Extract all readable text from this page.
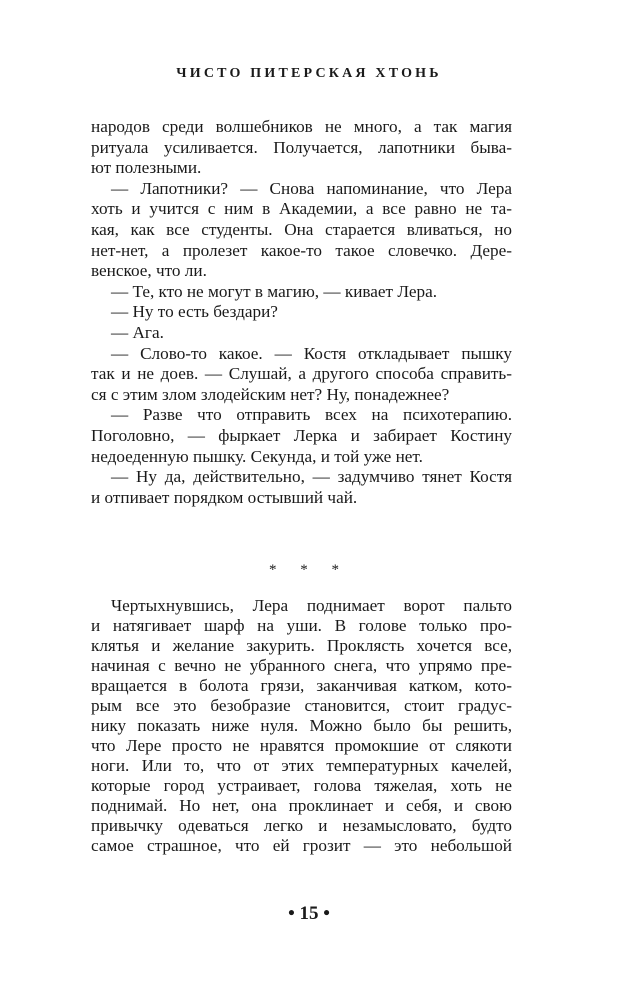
ЧИСТО ПИТЕРСКАЯ ХТОНЬ
народов среди волшебников не много, а так магия
ритуала усиливается. Получается, лапотники быва-
ют полезными.
— Лапотники? — Снова напоминание, что Лера
хоть и учится с ним в Академии, а все равно не та-
кая, как все студенты. Она старается вливаться, но
нет-нет, а пролезет какое-то такое словечко. Дере-
венское, что ли.
— Те, кто не могут в магию, — кивает Лера.
— Ну то есть бездари?
— Ага.
— Слово-то какое. — Костя откладывает пышку
так и не доев. — Слушай, а другого способа справить-
ся с этим злом злодейским нет? Ну, понадежнее?
— Разве что отправить всех на психотерапию.
Поголовно, — фыркает Лерка и забирает Костину
недоеденную пышку. Секунда, и той уже нет.
— Ну да, действительно, — задумчиво тянет Костя
и отпивает порядком остывший чай.
* * *
Чертыхнувшись, Лера поднимает ворот пальто
и натягивает шарф на уши. В голове только про-
клятья и желание закурить. Проклясть хочется все,
начиная с вечно не убранного снега, что упрямо пре-
вращается в болота грязи, заканчивая катком, кото-
рым все это безобразие становится, стоит градус-
нику показать ниже нуля. Можно было бы решить,
что Лере просто не нравятся промокшие от слякоти
ноги. Или то, что от этих температурных качелей,
которые город устраивает, голова тяжелая, хоть не
поднимай. Но нет, она проклинает и себя, и свою
привычку одеваться легко и незамысловато, будто
самое страшное, что ей грозит — это небольшой
• 15 •
